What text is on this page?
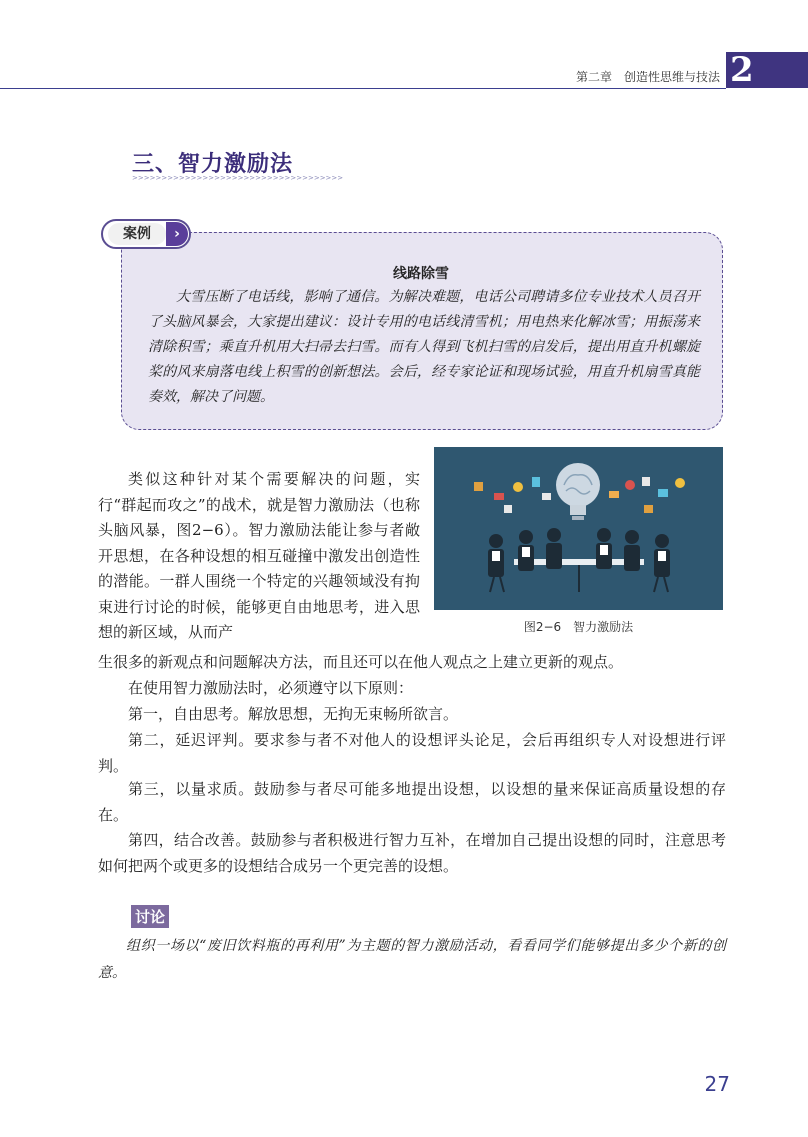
第二章　创造性思维与技法 2
三、智力激励法
>>>>>>>>>>>>>>>>>>>>>>>>>>>>>>>>>>>>
案例	›
线路除雪
大雪压断了电话线，影响了通信。为解决难题，电话公司聘请多位专业技术人员召开了头脑风暴会，大家提出建议：设计专用的电话线清雪机；用电热来化解冰雪；用振荡来清除积雪；乘直升机用大扫帚去扫雪。而有人得到飞机扫雪的启发后，提出用直升机螺旋桨的风来扇落电线上积雪的创新想法。会后，经专家论证和现场试验，用直升机扇雪真能奏效，解决了问题。
图2−6　智力激励法
类似这种针对某个需要解决的问题，实行“群起而攻之”的战术，就是智力激励法（也称头脑风暴，图2−6）。智力激励法能让参与者敞开思想，在各种设想的相互碰撞中激发出创造性的潜能。一群人围绕一个特定的兴趣领域没有拘束进行讨论的时候，能够更自由地思考，进入思想的新区域，从而产
生很多的新观点和问题解决方法，而且还可以在他人观点之上建立更新的观点。
在使用智力激励法时，必须遵守以下原则：
第一，自由思考。解放思想，无拘无束畅所欲言。
第二，延迟评判。要求参与者不对他人的设想评头论足，会后再组织专人对设想进行评判。
第三，以量求质。鼓励参与者尽可能多地提出设想，以设想的量来保证高质量设想的存在。
第四，结合改善。鼓励参与者积极进行智力互补，在增加自己提出设想的同时，注意思考如何把两个或更多的设想结合成另一个更完善的设想。
讨论
组织一场以“废旧饮料瓶的再利用”为主题的智力激励活动，看看同学们能够提出多少个新的创意。
27
